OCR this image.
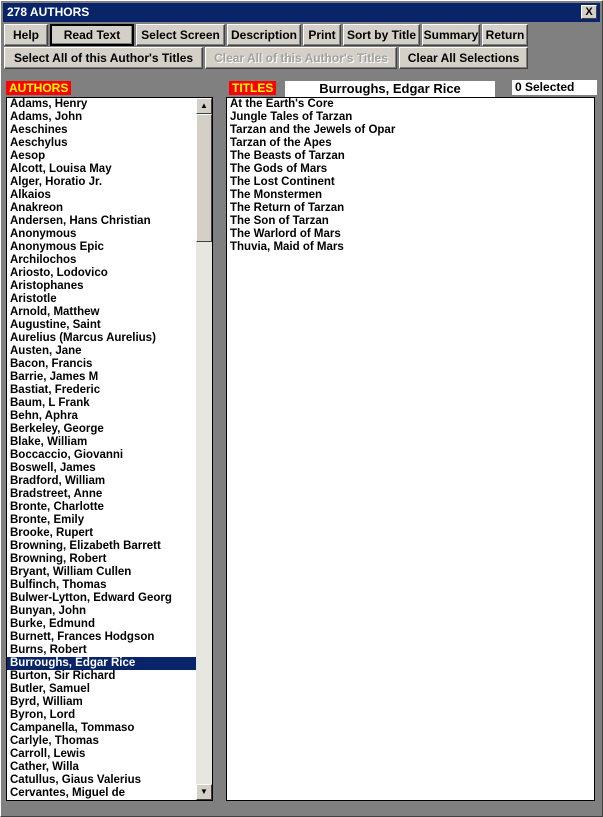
278 AUTHORS	X
Help	Read Text	Select Screen Description Print Sort by Title Summary Return
Select All of this Author's Titles	Clear All of this Author's Titles	Clear All Selections
AUTHORS	TITLES	Burroughs, Edgar Rice	0 Selected
Adams, Henry
Adams, John
Aeschines
Aeschylus
Aesop
Alcott, Louisa May
Alger, Horatio Jr.
Alkaios
Anakreon
Andersen, Hans Christian
Anonymous
Anonymous Epic
Archilochos
Ariosto, Lodovico
Aristophanes
Aristotle
Arnold, Matthew
Augustine, Saint
Aurelius (Marcus Aurelius)
Austen, Jane
Bacon, Francis
Barrie, James M
Bastiat, Frederic
Baum, L Frank
Behn, Aphra
Berkeley, George
Blake, William
Boccaccio, Giovanni
Boswell, James
Bradford, William
Bradstreet, Anne
Bronte, Charlotte
Bronte, Emily
Brooke, Rupert
Browning, Elizabeth Barrett
Browning, Robert
Bryant, William Cullen
Bulfinch, Thomas
Bulwer-Lytton, Edward Georg
Bunyan, John
Burke, Edmund
Burnett, Frances Hodgson
Burns, Robert
Burroughs, Edgar Rice
Burton, Sir Richard
Butler, Samuel
Byrd, William
Byron, Lord
Campanella, Tommaso
Carlyle, Thomas
Carroll, Lewis
Cather, Willa
Catullus, Giaus Valerius
Cervantes, Miguel de
▲
▼
At the Earth's Core
Jungle Tales of Tarzan
Tarzan and the Jewels of Opar
Tarzan of the Apes
The Beasts of Tarzan
The Gods of Mars
The Lost Continent
The Monstermen
The Return of Tarzan
The Son of Tarzan
The Warlord of Mars
Thuvia, Maid of Mars
